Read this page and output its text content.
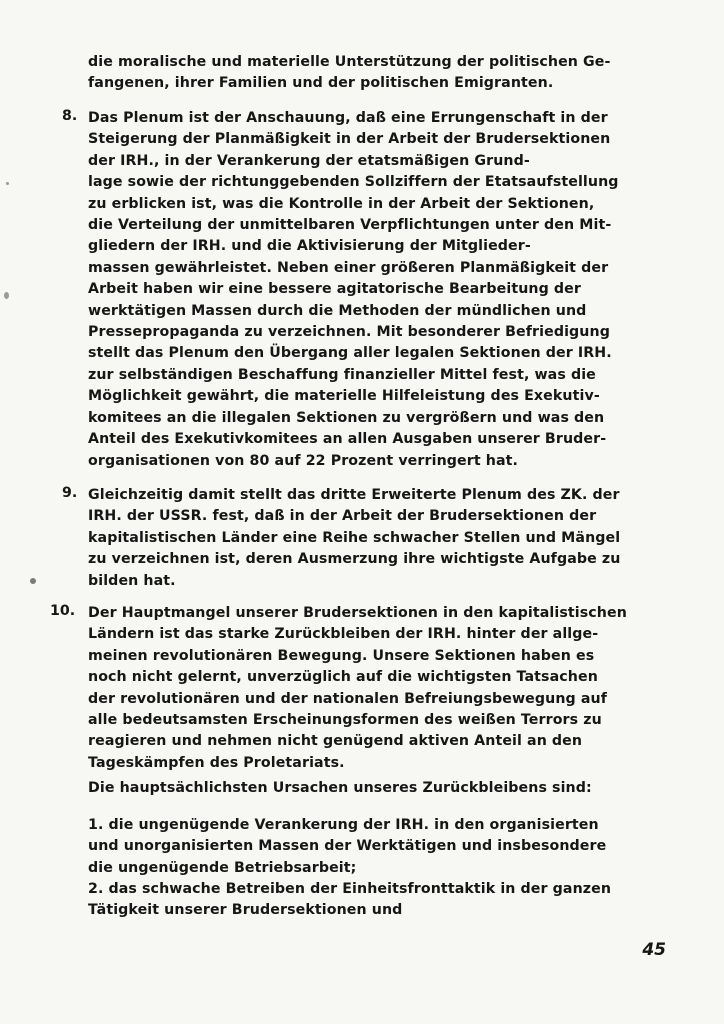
die moralische und materielle Unterstützung der politischen Ge-
fangenen, ihrer Familien und der politischen Emigranten.
8. Das Plenum ist der Anschauung, daß eine Errungenschaft in der
Steigerung der Planmäßigkeit in der Arbeit der Brudersektionen
der IRH., in der Verankerung der etatsmäßigen Grund-
lage sowie der richtunggebenden Sollziffern der Etatsaufstellung
zu erblicken ist, was die Kontrolle in der Arbeit der Sektionen,
die Verteilung der unmittelbaren Verpflichtungen unter den Mit-
gliedern der IRH. und die Aktivisierung der Mitglieder-
massen gewährleistet. Neben einer größeren Planmäßigkeit der
Arbeit haben wir eine bessere agitatorische Bearbeitung der
werktätigen Massen durch die Methoden der mündlichen und
Pressepropaganda zu verzeichnen. Mit besonderer Befriedigung
stellt das Plenum den Übergang aller legalen Sektionen der IRH.
zur selbständigen Beschaffung finanzieller Mittel fest, was die
Möglichkeit gewährt, die materielle Hilfeleistung des Exekutiv-
komitees an die illegalen Sektionen zu vergrößern und was den
Anteil des Exekutivkomitees an allen Ausgaben unserer Bruder-
organisationen von 80 auf 22 Prozent verringert hat.
9. Gleichzeitig damit stellt das dritte Erweiterte Plenum des ZK. der
IRH. der USSR. fest, daß in der Arbeit der Brudersektionen der
kapitalistischen Länder eine Reihe schwacher Stellen und Mängel
zu verzeichnen ist, deren Ausmerzung ihre wichtigste Aufgabe zu
bilden hat.
10. Der Hauptmangel unserer Brudersektionen in den kapitalistischen
Ländern ist das starke Zurückbleiben der IRH. hinter der allge-
meinen revolutionären Bewegung. Unsere Sektionen haben es
noch nicht gelernt, unverzüglich auf die wichtigsten Tatsachen
der revolutionären und der nationalen Befreiungsbewegung auf
alle bedeutsamsten Erscheinungsformen des weißen Terrors zu
reagieren und nehmen nicht genügend aktiven Anteil an den
Tageskämpfen des Proletariats.
Die hauptsächlichsten Ursachen unseres Zurückbleibens sind:
1. die ungenügende Verankerung der IRH. in den organisierten
und unorganisierten Massen der Werktätigen und insbesondere
die ungenügende Betriebsarbeit;
2. das schwache Betreiben der Einheitsfronttaktik in der ganzen
Tätigkeit unserer Brudersektionen und
45
